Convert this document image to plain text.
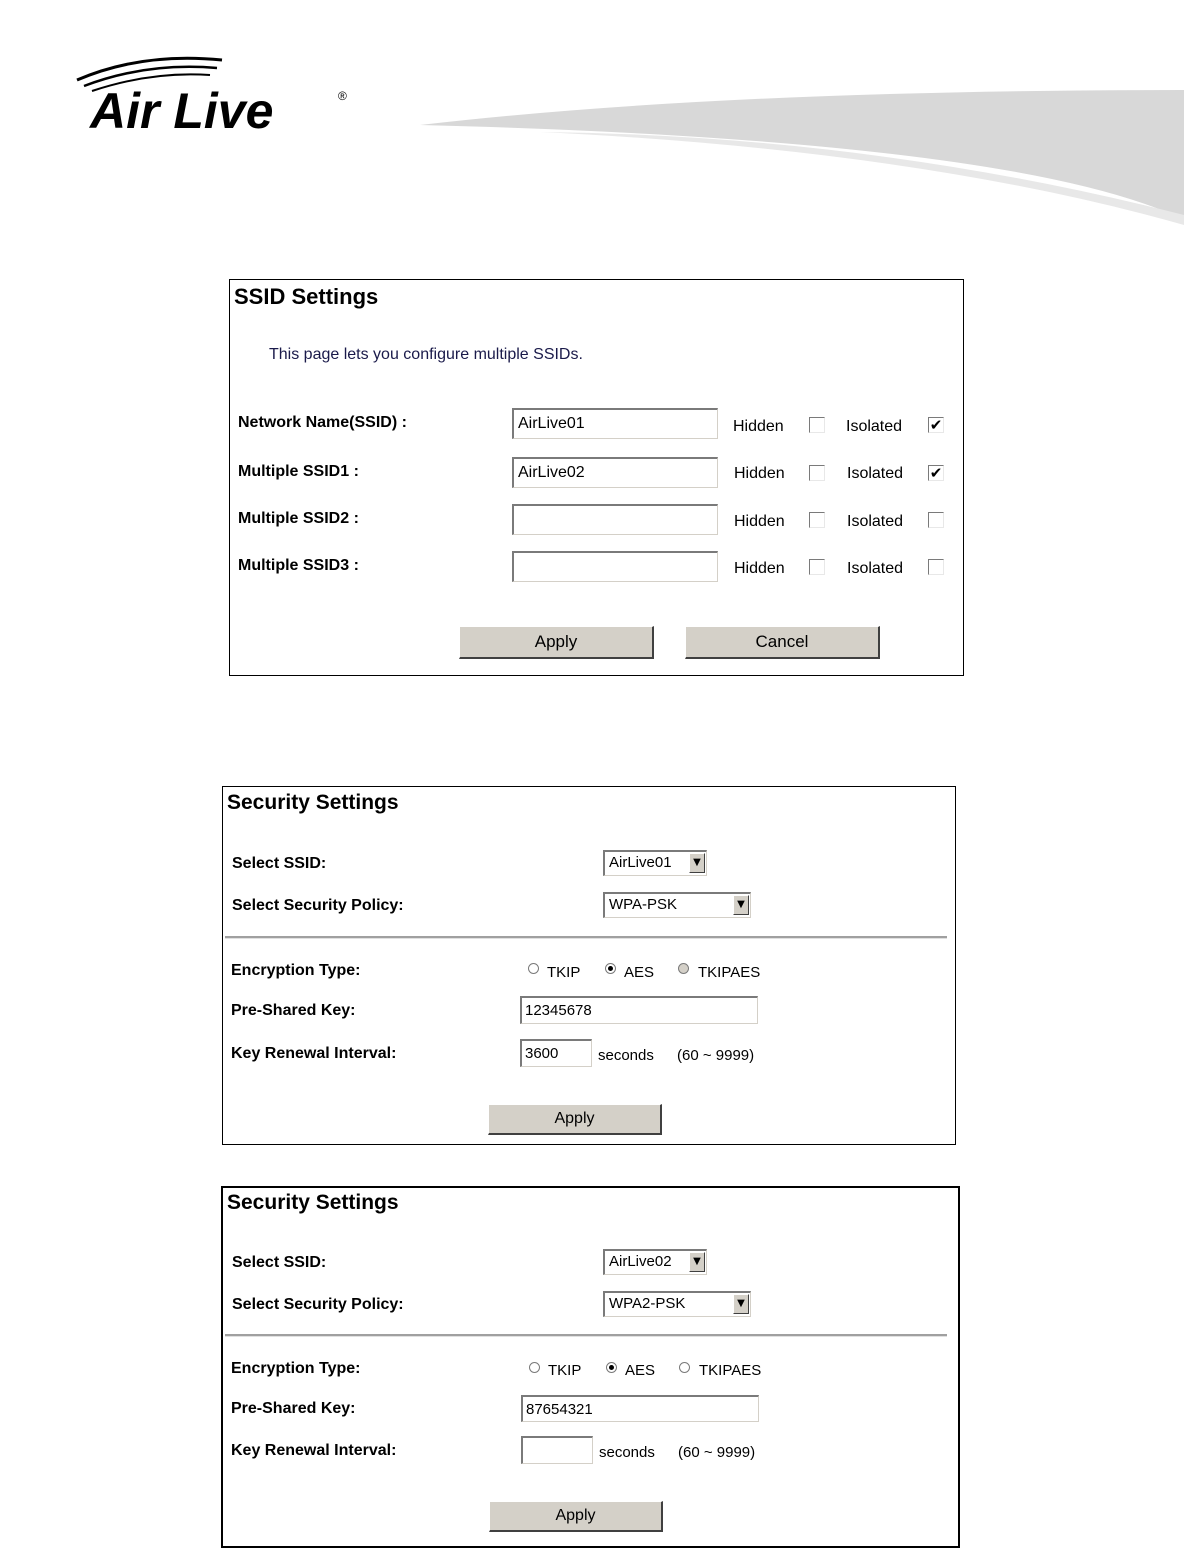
Air Live	®
SSID Settings
This page lets you configure multiple SSIDs.
Network Name(SSID) :	AirLive01	Hidden	Isolated ✔
Multiple SSID1 :	AirLive02	Hidden	Isolated ✔
Multiple SSID2 :	Hidden	Isolated
Multiple SSID3 :	Hidden	Isolated
Apply	Cancel
Security Settings
Select SSID:	AirLive01	▼
Select Security Policy:	WPA-PSK	▼
Encryption Type:	TKIP	AES	TKIPAES
Pre-Shared Key:	12345678
Key Renewal Interval:	3600	seconds (60 ~ 9999)
Apply
Security Settings
Select SSID:	AirLive02	▼
Select Security Policy:	WPA2-PSK	▼
Encryption Type:	TKIP	AES	TKIPAES
Pre-Shared Key:	87654321
Key Renewal Interval:	seconds (60 ~ 9999)
Apply
